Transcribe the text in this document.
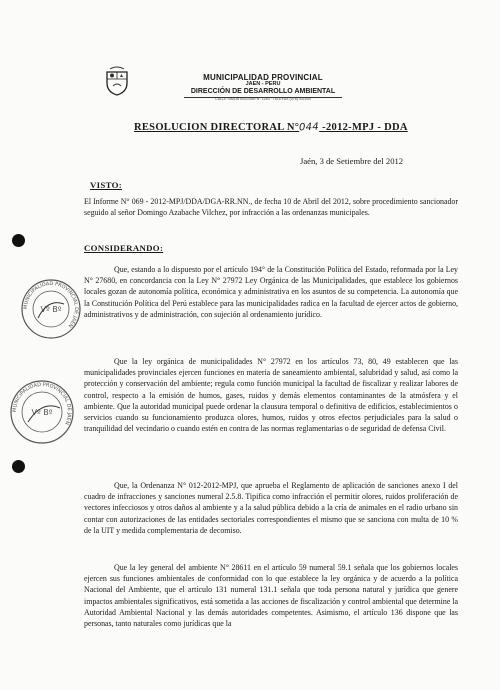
MUNICIPALIDAD PROVINCIAL
JAEN - PERU
DIRECCIÓN DE DESARROLLO AMBIENTAL
CALLE SIMON BOLIVAR N° 1243 · TELEFAX (076) 431004
RESOLUCION DIRECTORAL N°044 -2012-MPJ - DDA
Jaén, 3 de Setiembre del 2012
VISTO:
El Informe N° 069 - 2012-MPJ/DDA/DGA-RR.NN., de fecha 10 de Abril del 2012, sobre procedimiento sancionador seguido al señor Domingo Azabache Vilchez, por infracción a las ordenanzas municipales.
CONSIDERANDO:
Que, estando a lo dispuesto por el artículo 194° de la Constitución Política del Estado, reformada por la Ley N° 27680, en concordancia con la Ley N° 27972 Ley Orgánica de las Municipalidades, que establece los gobiernos locales gozan de autonomía política, económica y administrativa en los asuntos de su competencia. La autonomía que la Constitución Política del Perú establece para las municipalidades radica en la facultad de ejercer actos de gobierno, administrativos y de administración, con sujeción al ordenamiento jurídico.
Que la ley orgánica de municipalidades N° 27972 en los artículos 73, 80, 49 establecen que las municipalidades provinciales ejercen funciones en materia de saneamiento ambiental, salubridad y salud, así como la protección y conservación del ambiente; regula como función municipal la facultad de fiscalizar y realizar labores de control, respecto a la emisión de humos, gases, ruidos y demás elementos contaminantes de la atmósfera y el ambiente. Que la autoridad municipal puede ordenar la clausura temporal o definitiva de edificios, establecimientos o servicios cuando su funcionamiento produzca olores, humos, ruidos y otros efectos perjudiciales para la salud o tranquilidad del vecindario o cuando estén en contra de las normas reglamentarias o de seguridad de defensa Civil.
Que, la Ordenanza N° 012-2012-MPJ, que aprueba el Reglamento de aplicación de sanciones anexo I del cuadro de infracciones y sanciones numeral 2.5.8. Tipifica como infracción el permitir olores, ruidos proliferación de vectores infecciosos y otros daños al ambiente y a la salud pública debido a la cría de animales en el radio urbano sin contar con autorizaciones de las entidades sectoriales correspondientes el mismo que se sanciona con multa de 10 % de la UIT y medida complementaria de decomiso.
Que la ley general del ambiente N° 28611 en el artículo 59 numeral 59.1 señala que los gobiernos locales ejercen sus funciones ambientales de conformidad con lo que establece la ley orgánica y de acuerdo a la política Nacional del Ambiente, que el artículo 131 numeral 131.1 señala que toda persona natural y jurídica que genere impactos ambientales significativos, está sometida a las acciones de fiscalización y control ambiental que determine la Autoridad Ambiental Nacional y las demás autoridades competentes. Asimismo, el artículo 136 dispone que las personas, tanto naturales como jurídicas que la
MUNICIPALIDAD PROVINCIAL DE JAEN
Vº Bº
MUNICIPALIDAD PROVINCIAL DE JAEN
Vº Bº
